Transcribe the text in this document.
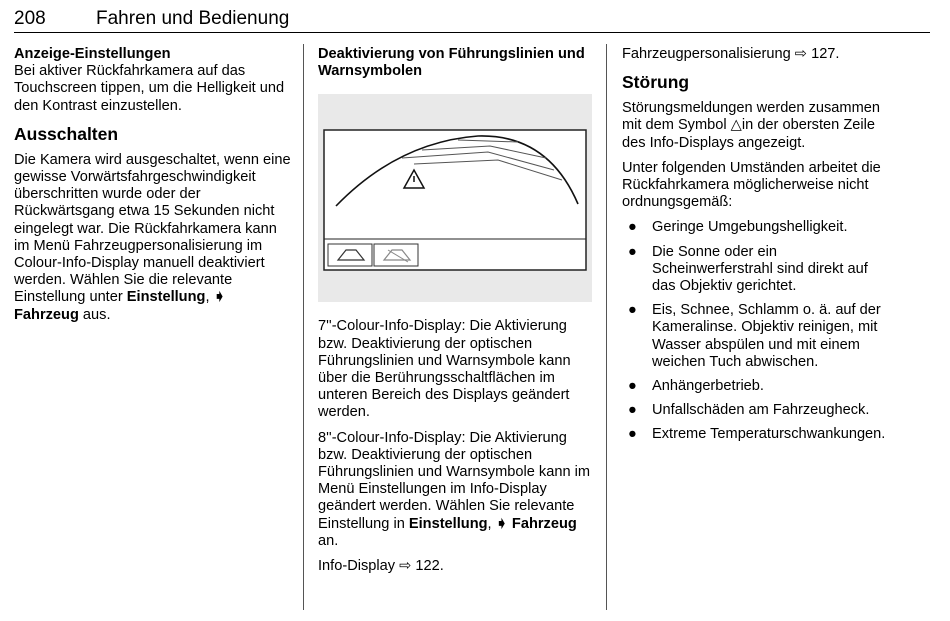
208	Fahren und Bedienung
Anzeige-Einstellungen

Bei aktiver Rückfahrkamera auf das Touchscreen tippen, um die Helligkeit und den Kontrast einzustellen.

Ausschalten

Die Kamera wird ausgeschaltet, wenn eine gewisse Vorwärtsfahrgeschwindigkeit überschritten wurde oder der Rückwärtsgang etwa 15 Sekunden nicht eingelegt war. Die Rückfahrkamera kann im Menü Fahrzeugpersonalisierung im Colour-Info-Display manuell deaktiviert werden. Wählen Sie die relevante Einstellung unter Einstellung, ➧ Fahrzeug aus.

Deaktivierung von Führungslinien und Warnsymbolen

7''-Colour-Info-Display: Die Aktivierung bzw. Deaktivierung der optischen Führungslinien und Warnsymbole kann über die Berührungsschaltflächen im unteren Bereich des Displays geändert werden.

8''-Colour-Info-Display: Die Aktivierung bzw. Deaktivierung der optischen Führungslinien und Warnsymbole kann im Menü Einstellungen im Info-Display geändert werden. Wählen Sie relevante Einstellung in Einstellung, ➧ Fahrzeug an.

Info-Display ⇨ 122.

Fahrzeugpersonalisierung ⇨ 127.

Störung

Störungsmeldungen werden zusammen mit dem Symbol △in der obersten Zeile des Info-Displays angezeigt.

Unter folgenden Umständen arbeitet die Rückfahrkamera möglicherweise nicht ordnungsgemäß:

● Geringe Umgebungshelligkeit.
● Die Sonne oder ein Scheinwerferstrahl sind direkt auf das Objektiv gerichtet.
● Eis, Schnee, Schlamm o. ä. auf der Kameralinse. Objektiv reinigen, mit Wasser abspülen und mit einem weichen Tuch abwischen.
● Anhängerbetrieb.
● Unfallschäden am Fahrzeugheck.
● Extreme Temperaturschwankungen.
